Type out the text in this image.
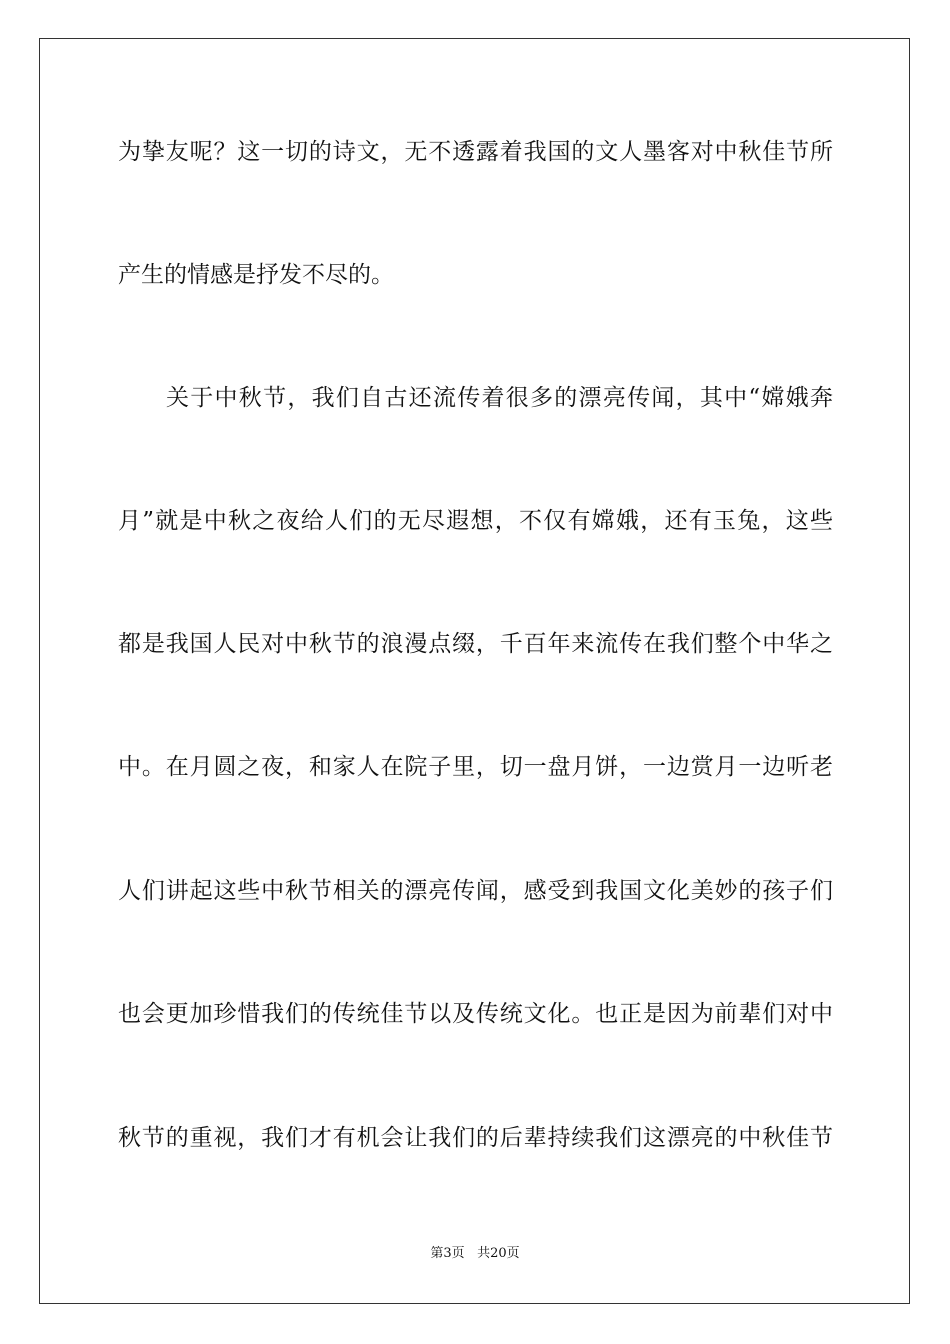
为挚友呢？这一切的诗文，无不透露着我国的文人墨客对中秋佳节所
产生的情感是抒发不尽的。
关于中秋节，我们自古还流传着很多的漂亮传闻，其中“嫦娥奔
月”就是中秋之夜给人们的无尽遐想，不仅有嫦娥，还有玉兔，这些
都是我国人民对中秋节的浪漫点缀，千百年来流传在我们整个中华之
中。在月圆之夜，和家人在院子里，切一盘月饼，一边赏月一边听老
人们讲起这些中秋节相关的漂亮传闻，感受到我国文化美妙的孩子们
也会更加珍惜我们的传统佳节以及传统文化。也正是因为前辈们对中
秋节的重视，我们才有机会让我们的后辈持续我们这漂亮的中秋佳节
第3页 共20页
